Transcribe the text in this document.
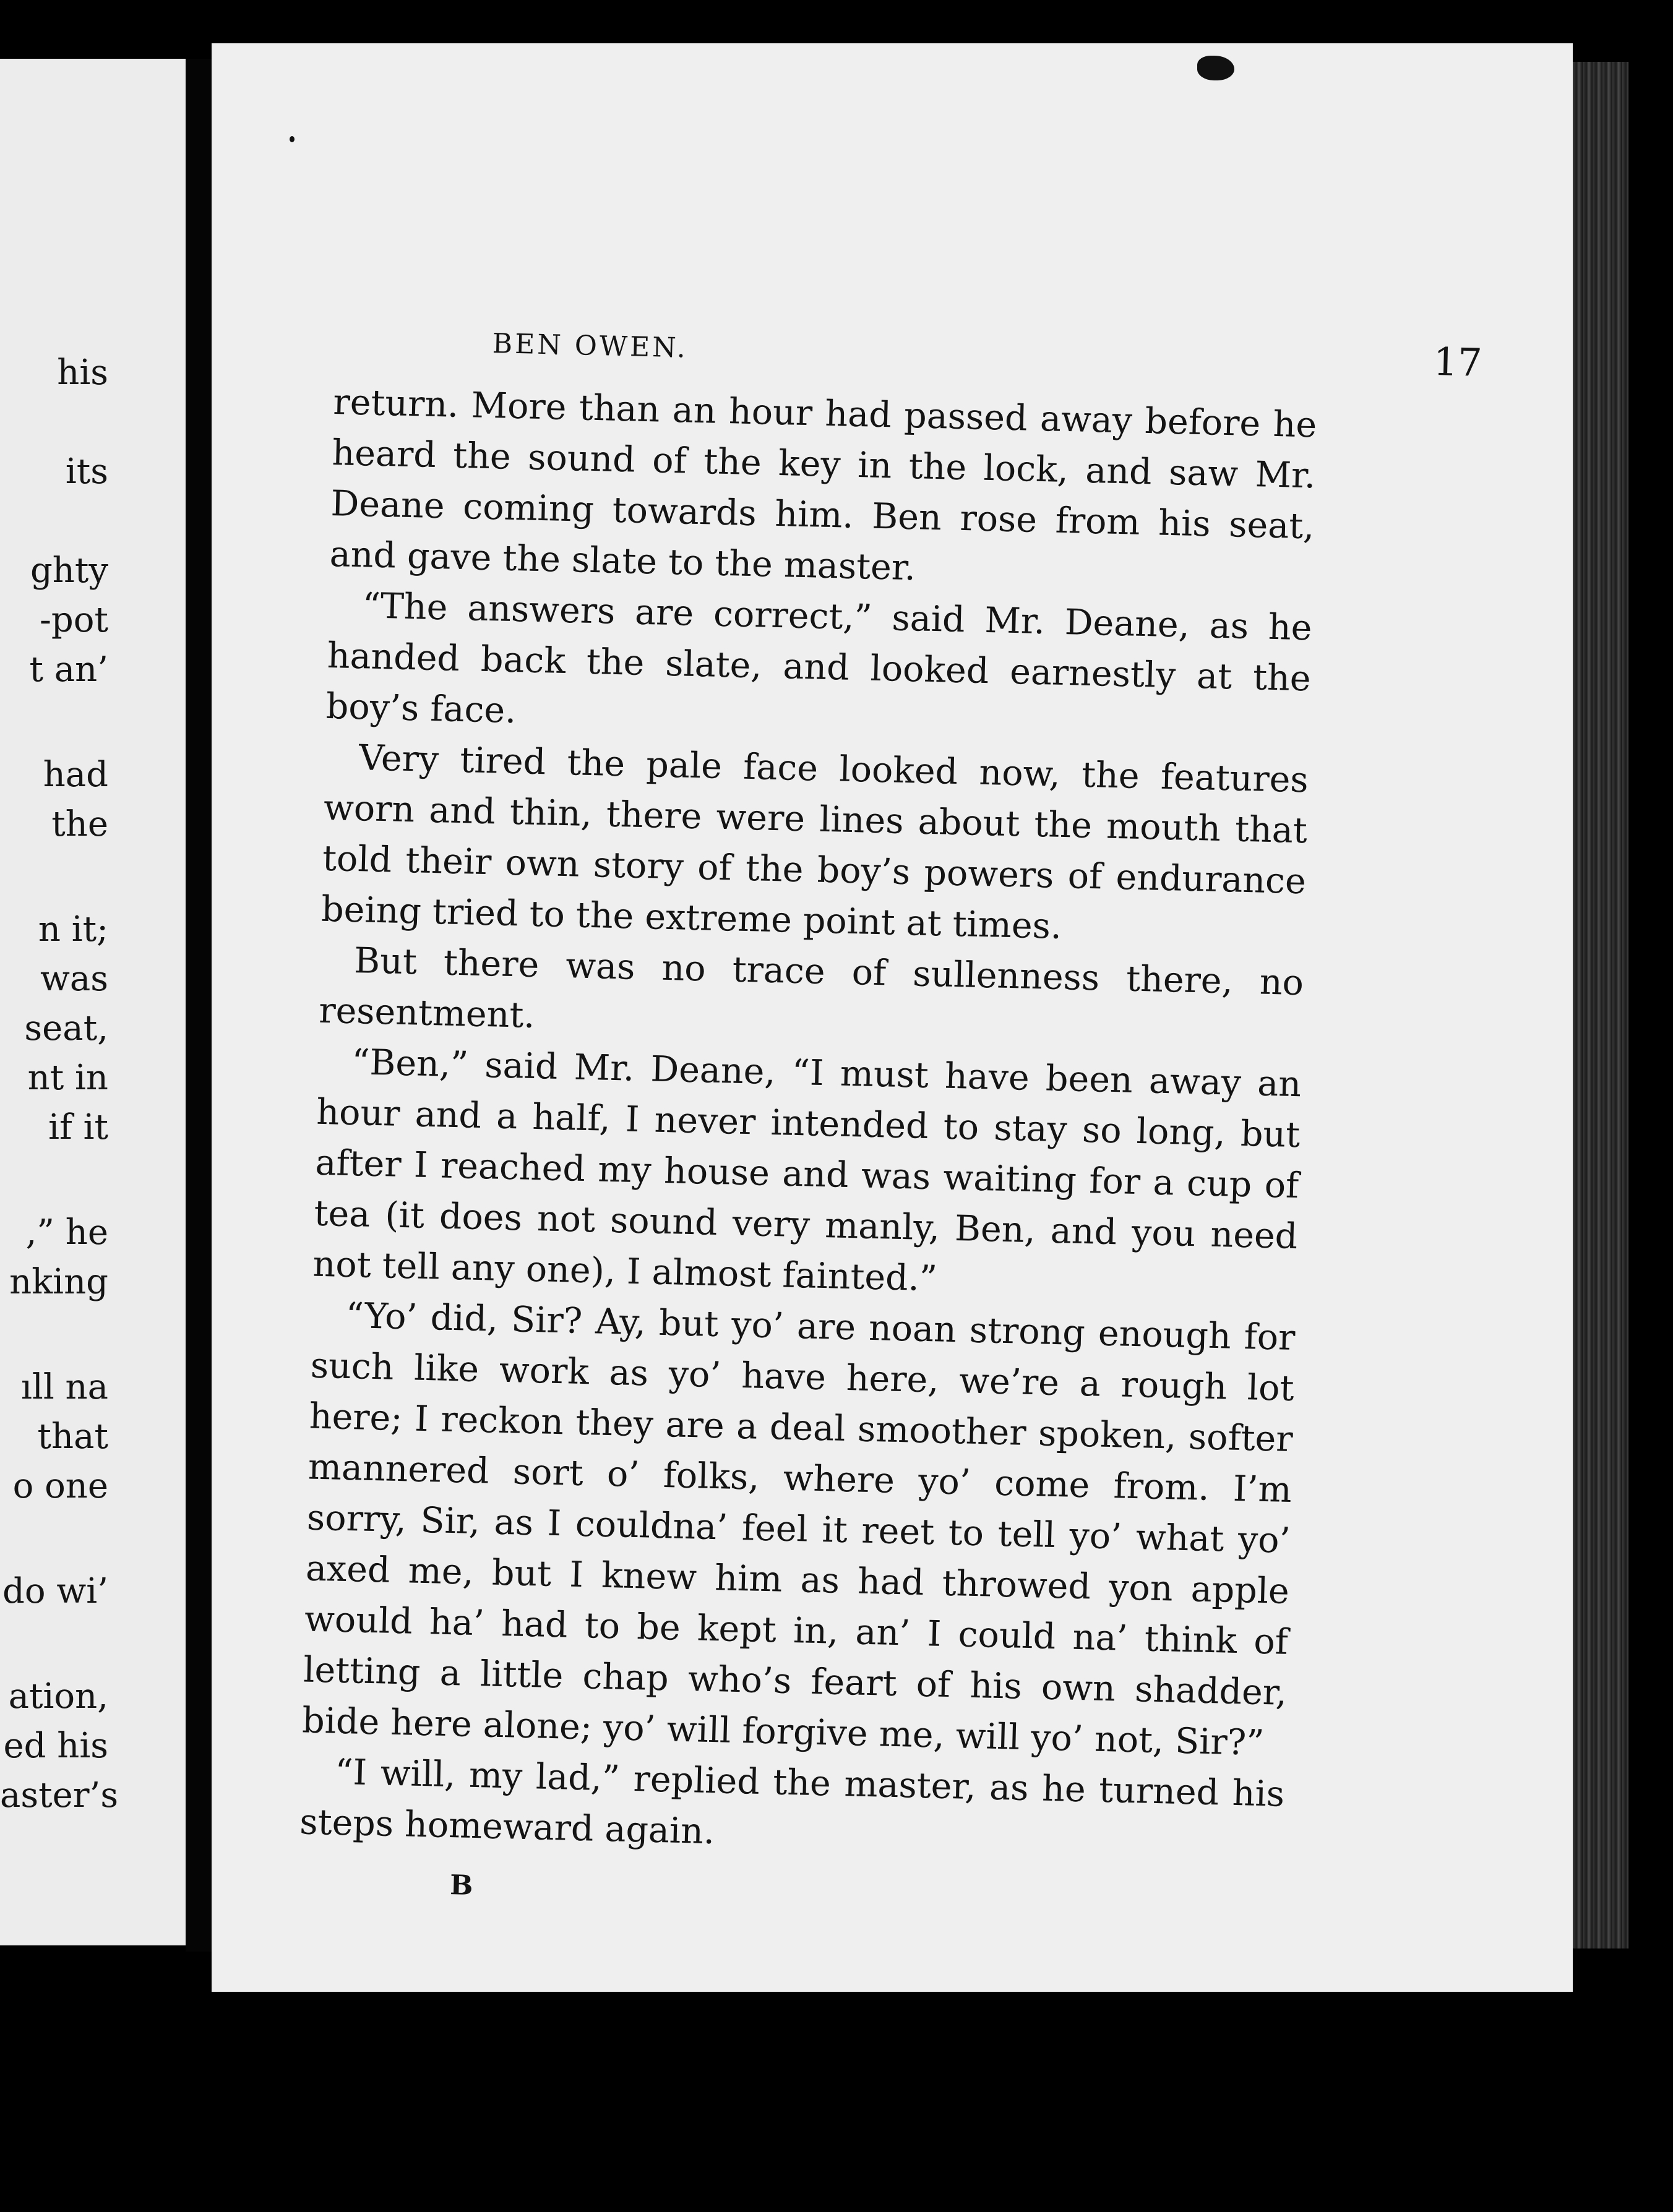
his
its
ghty
-pot
t an’
had
the
n it;
was
seat,
nt in
if it
,” he
nking
ıll na
that
o one
do wi’
ation,
ed his
aster’s
BEN OWEN.	17

return. More than an hour had passed away before he heard the sound of the key in the lock, and saw Mr. Deane coming towards him. Ben rose from his seat, and gave the slate to the master.

“The answers are correct,” said Mr. Deane, as he handed back the slate, and looked earnestly at the boy’s face.

Very tired the pale face looked now, the features worn and thin, there were lines about the mouth that told their own story of the boy’s powers of endurance being tried to the extreme point at times.

But there was no trace of sullenness there, no resentment.

“Ben,” said Mr. Deane, “I must have been away an hour and a half, I never intended to stay so long, but after I reached my house and was waiting for a cup of tea (it does not sound very manly, Ben, and you need not tell any one), I almost fainted.”

“Yo’ did, Sir? Ay, but yo’ are noan strong enough for such like work as yo’ have here, we’re a rough lot here; I reckon they are a deal smoother spoken, softer mannered sort o’ folks, where yo’ come from. I’m sorry, Sir, as I couldna’ feel it reet to tell yo’ what yo’ axed me, but I knew him as had throwed yon apple would ha’ had to be kept in, an’ I could na’ think of letting a little chap who’s feart of his own shadder, bide here alone; yo’ will forgive me, will yo’ not, Sir?”

“I will, my lad,” replied the master, as he turned his steps homeward again.

B
